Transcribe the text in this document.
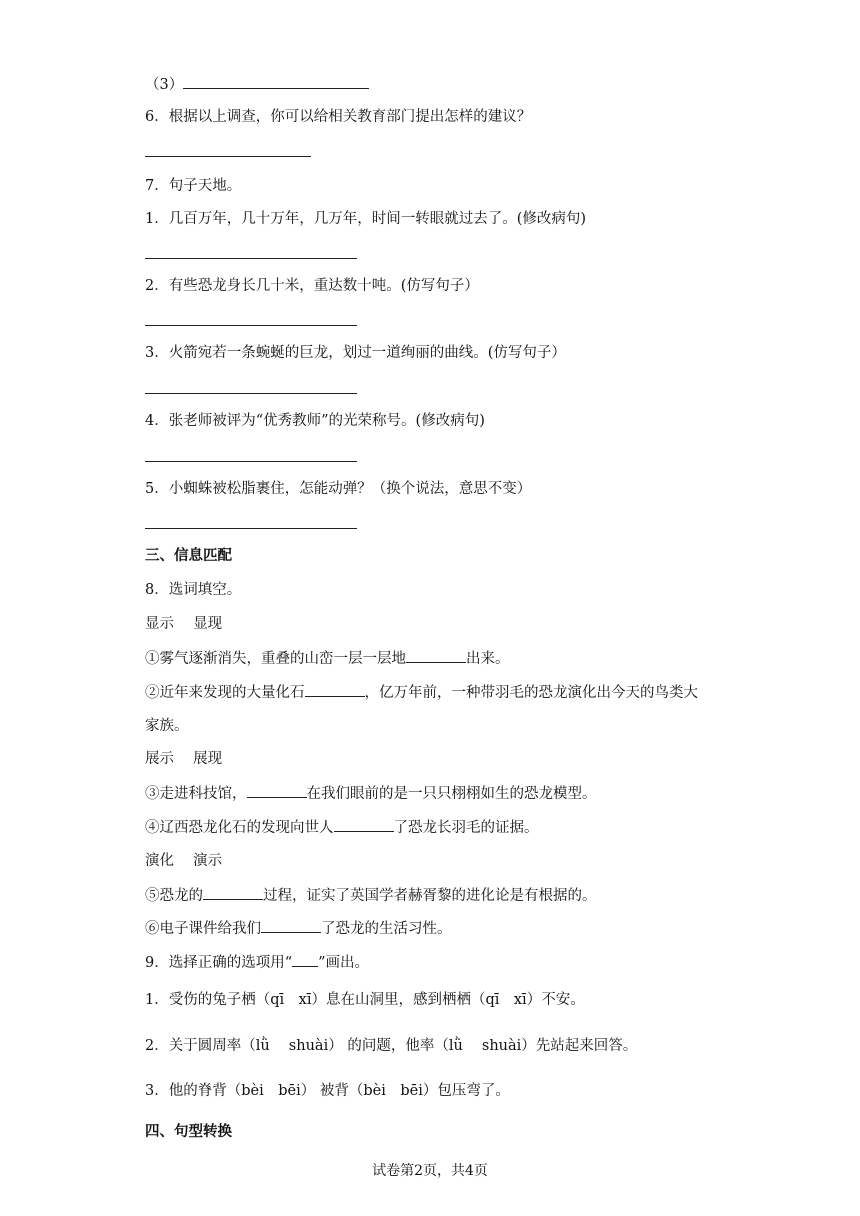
（3）
6．根据以上调查，你可以给相关教育部门提出怎样的建议？
7．句子天地。
1．几百万年，几十万年，几万年，时间一转眼就过去了。(修改病句)
2．有些恐龙身长几十米，重达数十吨。(仿写句子）
3．火箭宛若一条蜿蜒的巨龙，划过一道绚丽的曲线。(仿写句子）
4．张老师被评为“优秀教师”的光荣称号。(修改病句)
5．小蜘蛛被松脂裹住，怎能动弹？（换个说法，意思不变）
三、信息匹配
8．选词填空。
显示　 显现
①雾气逐渐消失，重叠的山峦一层一层地	出来。
②近年来发现的大量化石	，亿万年前，一种带羽毛的恐龙演化出今天的鸟类大
家族。
展示　 展现
③走进科技馆，	在我们眼前的是一只只栩栩如生的恐龙模型。
④辽西恐龙化石的发现向世人	了恐龙长羽毛的证据。
演化　 演示
⑤恐龙的	过程，证实了英国学者赫胥黎的进化论是有根据的。
⑥电子课件给我们	了恐龙的生活习性。
9．选择正确的选项用“ ”画出。
1．受伤的兔子栖（qī　xī）息在山洞里，感到栖栖（qī　xī）不安。
2．关于圆周率（lǜ　 shuài） 的问题，他率（lǜ　 shuài）先站起来回答。
3．他的脊背（bèi　bēi） 被背（bèi　bēi）包压弯了。
四、句型转换
试卷第2页，共4页
